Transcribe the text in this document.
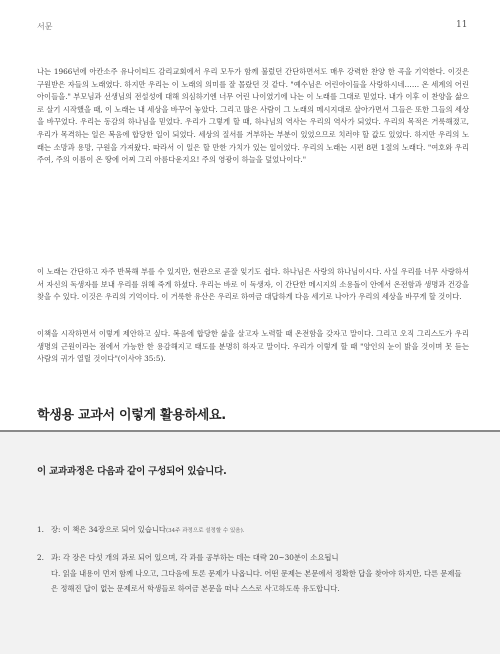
서문	11

나는 1966년에 아칸소주 유나이티드 감리교회에서 우리 모두가 함께 불렀던 간단하면서도 매우 강력한 찬양 한 곡을 기억한다. 이것은 구원받은 자들의 노래였다. 하지만 우리는 이 노래의 의미를 잘 몰랐던 것 같다. "예수님은 어린아이들을 사랑하시네…… 온 세계의 어린아이들을." 부모님과 선생님의 전설성에 대해 의심하기엔 너무 어린 나이였기에 나는 이 노래를 그대로 믿었다. 내가 이후 이 찬양을 삶으로 살기 시작했을 때, 이 노래는 내 세상을 바꾸어 놓았다. 그리고 많은 사람이 그 노래의 메시지대로 살아가면서 그들은 또한 그들의 세상을 바꾸었다. 우리는 동감의 하나님을 믿었다. 우리가 그렇게 할 때, 하나님의 역사는 우리의 역사가 되었다. 우리의 목적은 거룩해졌고, 우리가 목격하는 일은 복음에 합당한 일이 되었다. 세상의 질서를 거부하는 부분이 있었으므로 치러야 할 값도 있었다. 하지만 우리의 노래는 소망과 용망, 구원을 가져왔다. 따라서 이 일은 할 만한 가치가 있는 일이었다. 우리의 노래는 시편 8편 1절의 노래다. "여호와 우리 주여, 주의 이름이 온 땅에 어찌 그리 아름다운지요! 주의 영광이 하늘을 덮었나이다."

이 노래는 간단하고 자주 반복해 부를 수 있지만, 현관으로 곧잘 잊기도 쉽다. 하나님은 사랑의 하나님이시다. 사실 우리를 너무 사랑하셔서 자신의 독생자를 보내 우리를 위해 죽게 하셨다. 우리는 바로 이 독생자, 이 간단한 메시지의 소용돌이 안에서 온전함과 생명과 건강을 찾을 수 있다. 이것은 우리의 기억이다. 이 거룩한 유산은 우리로 하여금 대답하게 다음 세기로 나아가 우리의 세상을 바꾸게 할 것이다.

이책을 시작하면서 이렇게 제안하고 싶다. 복음에 합당한 삶을 살고자 노력할 때 온전함을 갖자고 말이다. 그리고 오직 그리스도가 우리 생명의 근원이라는 점에서 가능한 한 용감해지고 태도를 분명히 하자고 말이다. 우리가 이렇게 할 때 "양인의 눈이 밝을 것이며 못 듣는 사람의 귀가 열릴 것이다"(이사야 35:5).

학생용 교과서 이렇게 활용하세요.
이 교과과정은 다음과 같이 구성되어 있습니다.

1. 장: 이 책은 34장으로 되어 있습니다(34주 과정으로 설정할 수 있음).

2. 과: 각 장은 다섯 개의 과로 되어 있으며, 각 과를 공부하는 데는 대략 20~30분이 소요됩니
다. 읽을 내용이 먼저 함께 나오고, 그다음에 토론 문제가 나옵니다. 어떤 문제는 본문에서 정확한 답을 찾아야 하지만, 다른 문제들은 정해진 답이 없는 문제로서 학생들로 하여금 본문을 떠나 스스로 사고하도록 유도합니다.
